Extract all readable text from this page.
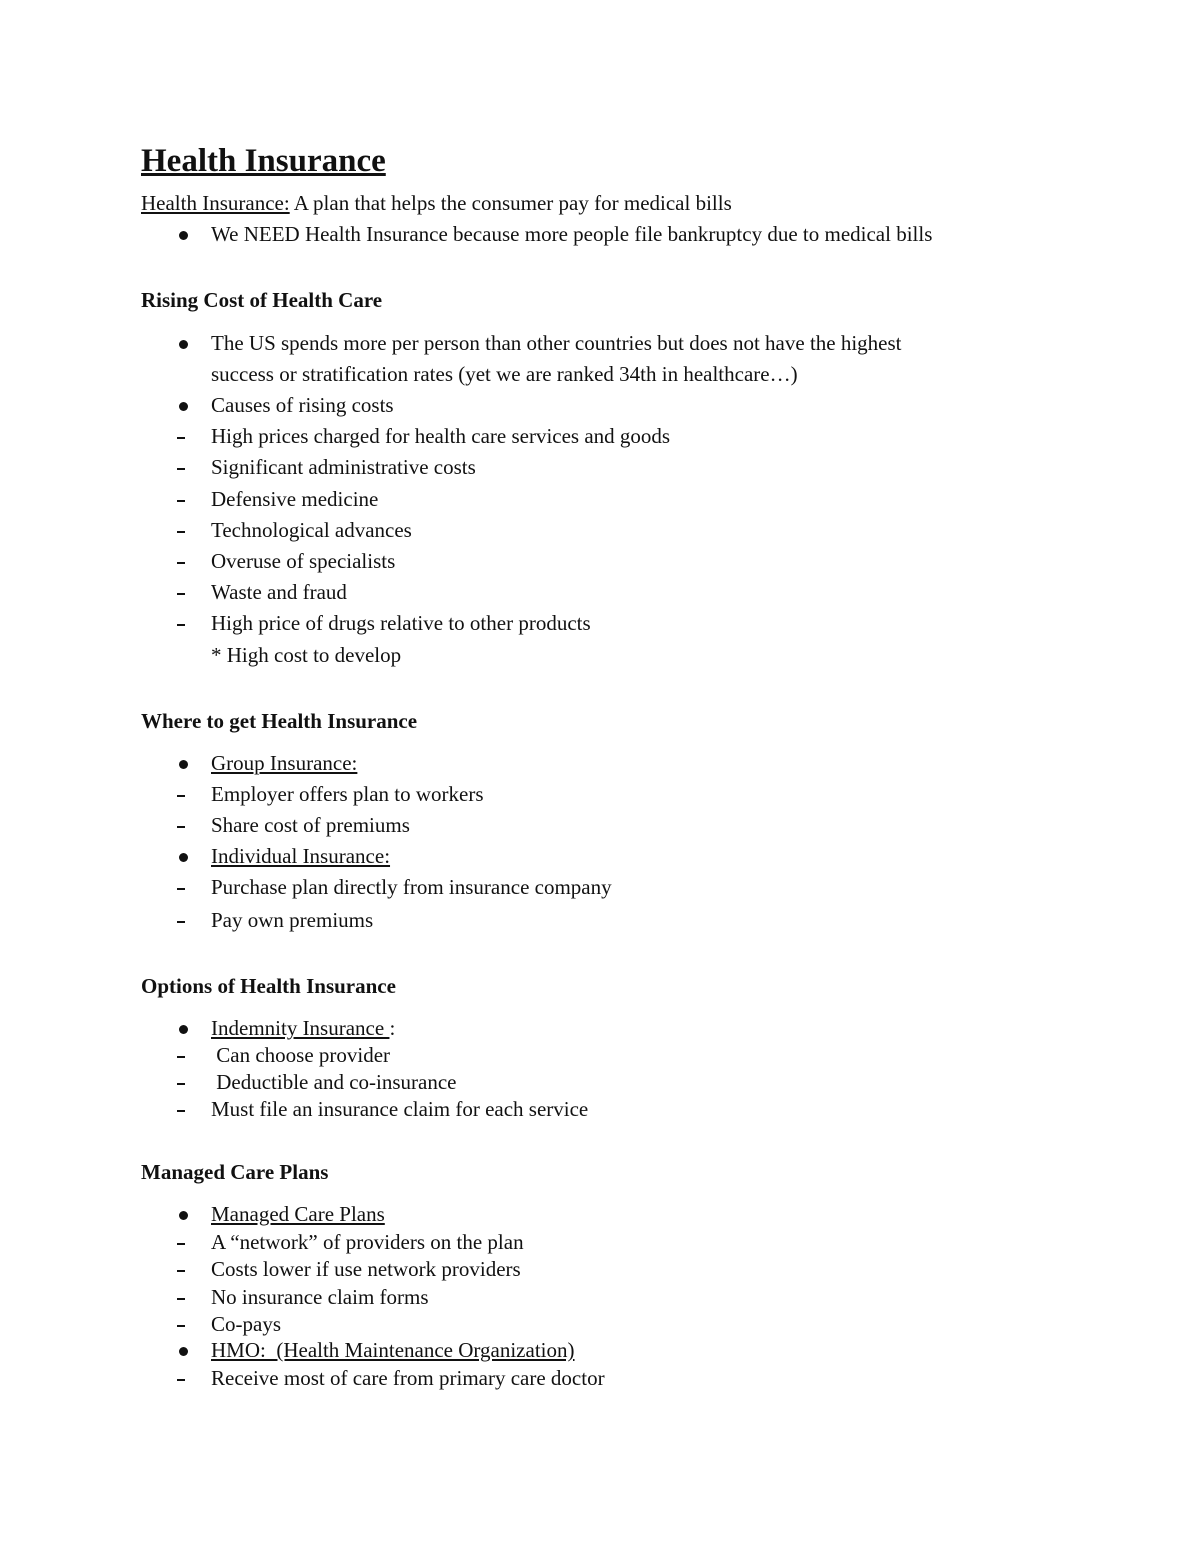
Health Insurance
Health Insurance: A plan that helps the consumer pay for medical bills
We NEED Health Insurance because more people file bankruptcy due to medical bills
Rising Cost of Health Care
The US spends more per person than other countries but does not have the highest
success or stratification rates (yet we are ranked 34th in healthcare…)
Causes of rising costs
High prices charged for health care services and goods
Significant administrative costs
Defensive medicine
Technological advances
Overuse of specialists
Waste and fraud
High price of drugs relative to other products
* High cost to develop
Where to get Health Insurance
Group Insurance:
Employer offers plan to workers
Share cost of premiums
Individual Insurance:
Purchase plan directly from insurance company
Pay own premiums
Options of Health Insurance
Indemnity Insurance :
Can choose provider
Deductible and co-insurance
Must file an insurance claim for each service
Managed Care Plans
Managed Care Plans
A “network” of providers on the plan
Costs lower if use network providers
No insurance claim forms
Co-pays
HMO:  (Health Maintenance Organization)
Receive most of care from primary care doctor
